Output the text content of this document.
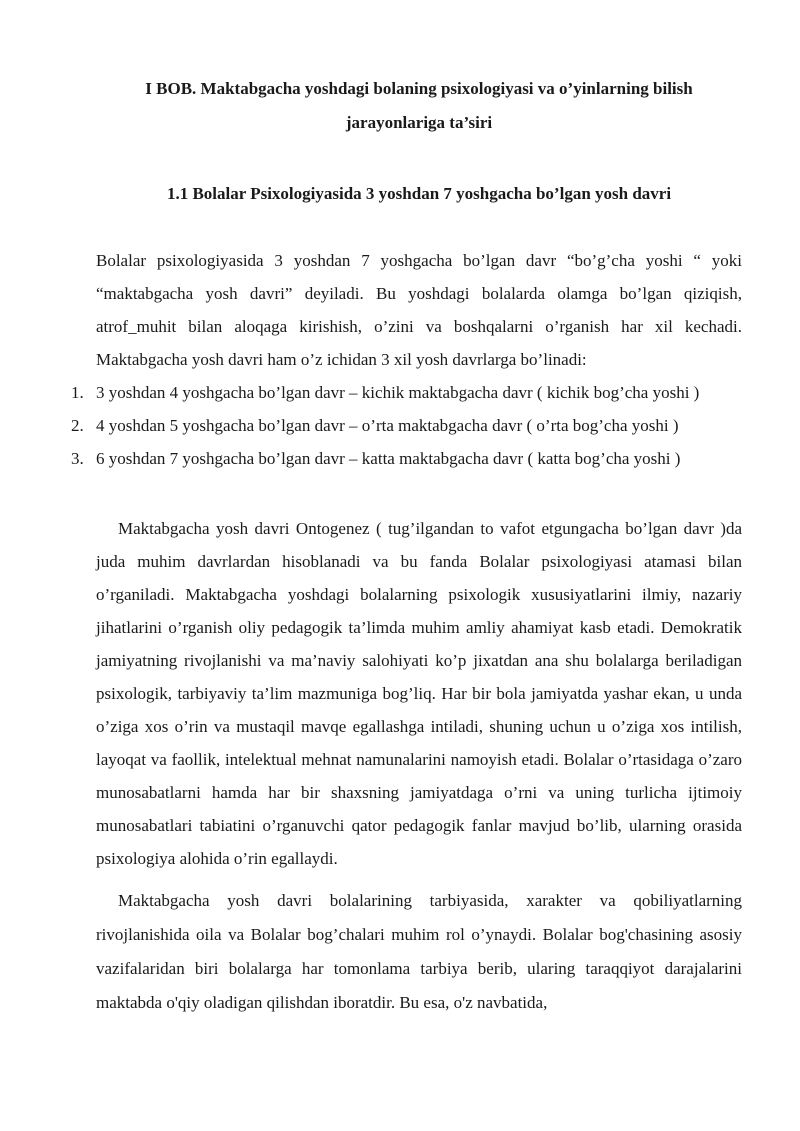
I BOB. Maktabgacha yoshdagi bolaning psixologiyasi va o’yinlarning bilish jarayonlariga ta’siri
1.1 Bolalar Psixologiyasida 3 yoshdan 7 yoshgacha bo’lgan yosh davri

Bolalar psixologiyasida 3 yoshdan 7 yoshgacha bo’lgan davr “bo’g’cha yoshi “ yoki “maktabgacha yosh davri” deyiladi. Bu yoshdagi bolalarda olamga bo’lgan qiziqish, atrof_muhit bilan aloqaga kirishish, o’zini va boshqalarni o’rganish har xil kechadi. Maktabgacha yosh davri ham o’z ichidan 3 xil yosh davrlarga bo’linadi:

1. 3 yoshdan 4 yoshgacha bo’lgan davr – kichik maktabgacha davr ( kichik bog’cha yoshi )
2. 4 yoshdan 5 yoshgacha bo’lgan davr – o’rta maktabgacha davr ( o’rta bog’cha yoshi )
3. 6 yoshdan 7 yoshgacha bo’lgan davr – katta maktabgacha davr ( katta bog’cha yoshi )

Maktabgacha yosh davri Ontogenez ( tug’ilgandan to vafot etgungacha bo’lgan davr )da juda muhim davrlardan hisoblanadi va bu fanda Bolalar psixologiyasi atamasi bilan o’rganiladi. Maktabgacha yoshdagi bolalarning psixologik xususiyatlarini ilmiy, nazariy jihatlarini o’rganish oliy pedagogik ta’limda muhim amliy ahamiyat kasb etadi. Demokratik jamiyatning rivojlanishi va ma’naviy salohiyati ko’p jixatdan ana shu bolalarga beriladigan psixologik, tarbiyaviy ta’lim mazmuniga bog’liq. Har bir bola jamiyatda yashar ekan, u unda o’ziga xos o’rin va mustaqil mavqe egallashga intiladi, shuning uchun u o’ziga xos intilish, layoqat va faollik, intelektual mehnat namunalarini namoyish etadi. Bolalar o’rtasidaga o’zaro munosabatlarni hamda har bir shaxsning jamiyatdaga o’rni va uning turlicha ijtimoiy munosabatlari tabiatini o’rganuvchi qator pedagogik fanlar mavjud bo’lib, ularning orasida psixologiya alohida o’rin egallaydi.

Maktabgacha yosh davri bolalarining tarbiyasida, xarakter va qobiliyatlarning rivojlanishida oila va Bolalar bog’chalari muhim rol o’ynaydi. Bolalar bog'chasining asosiy vazifalaridan biri bolalarga har tomonlama tarbiya berib, ularing taraqqiyot darajalarini maktabda o'qiy oladigan qilishdan iboratdir. Bu esa, o'z navbatida,
